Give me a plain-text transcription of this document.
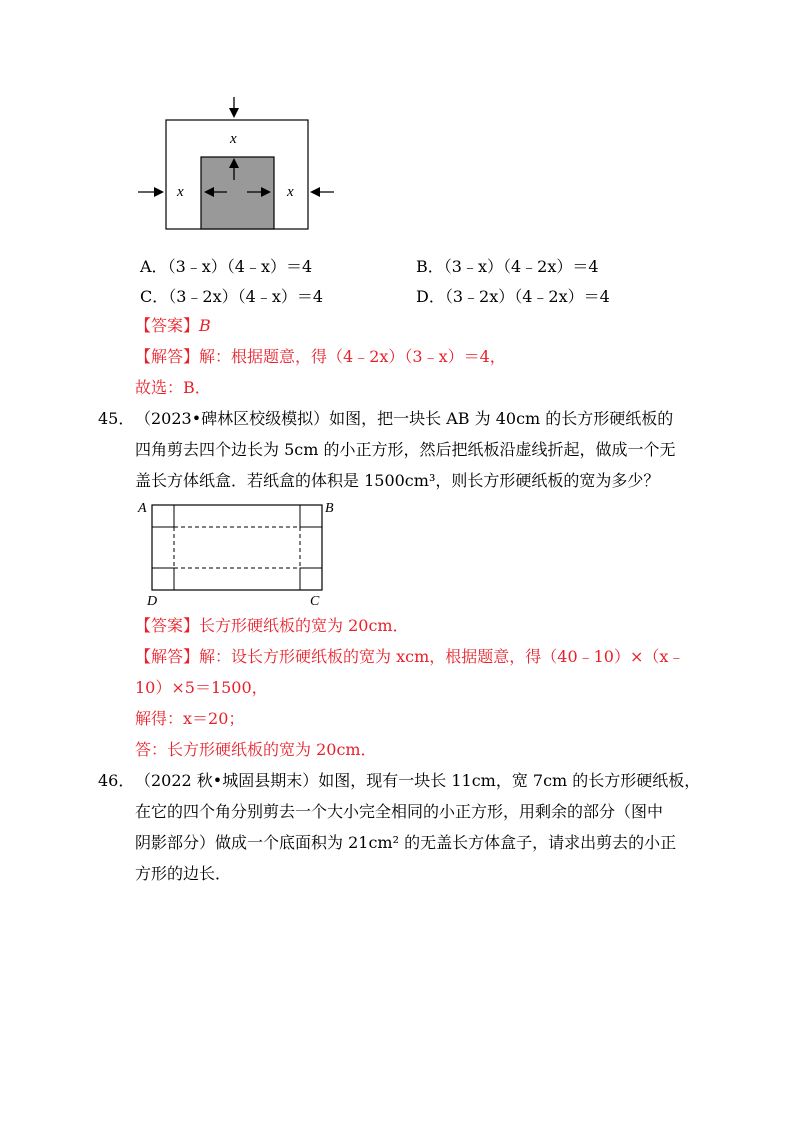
x
x	x
A．（3﹣x）（4﹣x）＝4	B．（3﹣x）（4﹣2x）＝4
C．（3﹣2x）（4﹣x）＝4	D．（3﹣2x）（4﹣2x）＝4
【答案】B
【解答】解：根据题意，得（4﹣2x）（3﹣x）＝4，
故选：B．
45． （2023•碑林区校级模拟）如图，把一块长 AB 为 40cm 的长方形硬纸板的
四角剪去四个边长为 5cm 的小正方形，然后把纸板沿虚线折起，做成一个无
盖长方体纸盒．若纸盒的体积是 1500cm³，则长方形硬纸板的宽为多少？
A	B
D	C
【答案】长方形硬纸板的宽为 20cm．
【解答】解：设长方形硬纸板的宽为 xcm，根据题意，得（40﹣10）×（x﹣
10）×5＝1500，
解得：x＝20；
答：长方形硬纸板的宽为 20cm．
46． （2022 秋•城固县期末）如图，现有一块长 11cm，宽 7cm 的长方形硬纸板，
在它的四个角分别剪去一个大小完全相同的小正方形，用剩余的部分（图中
阴影部分）做成一个底面积为 21cm² 的无盖长方体盒子，请求出剪去的小正
方形的边长．
